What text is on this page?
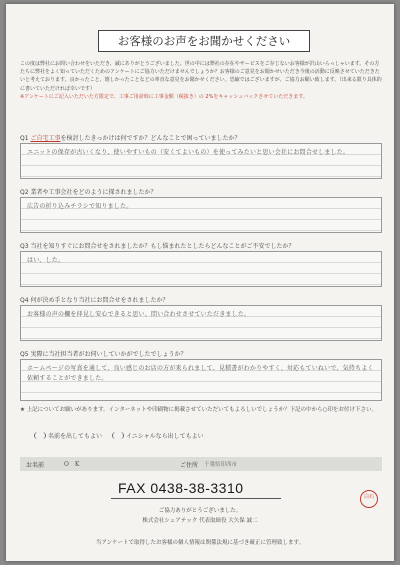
お客様のお声をお聞かせください
この度は弊社にお問い合わせをいただき、誠にありがとうございました。世の中には弊社の存在やサービスをご存じないお客様が沢山いらっしゃいます。その方たちに弊社をよく知っていただくためのアンケートにご協力いただけませんでしょうか？お客様のご意見をお聞かせいただき今後の活動に反映させていただきたいと考えております。良かったこと、嬉しかったことなどの率直な意見をお聞かせください。恐縮ではございますが、ご協力お願い致します。（出来る限り具体的に書いていただければ幸いです）
※アンケートにご記入いただいた方限定で、工事ご用命時に工事金額（税抜き）の 2%をキャッシュバックさせていただきます。
Q1 ご自宅工事を検討したきっかけは何ですか？どんなことで困っていましたか？
ユニットの保存が古いくなり、使いやすいもの（安くてよいもの）を使ってみたいと思い会社にお問合せしました。
Q2 業者や工事会社をどのように探されましたか？
広告の折り込みチラシで知りました。
Q3 当社を知りすぐにお問合せをされましたか？もし悩まれたとしたらどんなことがご不安でしたか？
はい、した。
Q4 何が決め手となり当社にお問合せをされましたか？
お客様の声の欄を拝見し安心できると思い、問い合わせさせていただきました。
Q5 実際に当社担当者がお伺いしていかがでしたでしょうか？
ホームページの写真を通して、良い感じのお店の方が来られまして、見積書がわかりやすく、対応もていねいで、気持ちよく依頼することができました。
★ 上記についてお願いがあります。インターネットや印刷物に掲載させていただいてもよろしいでしょうか？下記の中から○印をお付け下さい。
名前を出してもよい	イニシャルなら出してもよい
お名前	O K	ご住所	千葉県印西市
FAX 0438-38-3310
白石
ご協力ありがとうございました。
株式会社シェアテック 代表取締役 大久保 誠二
当アンケートで取得したお客様の個人情報は関係法規に基づき厳正に管理致します。
